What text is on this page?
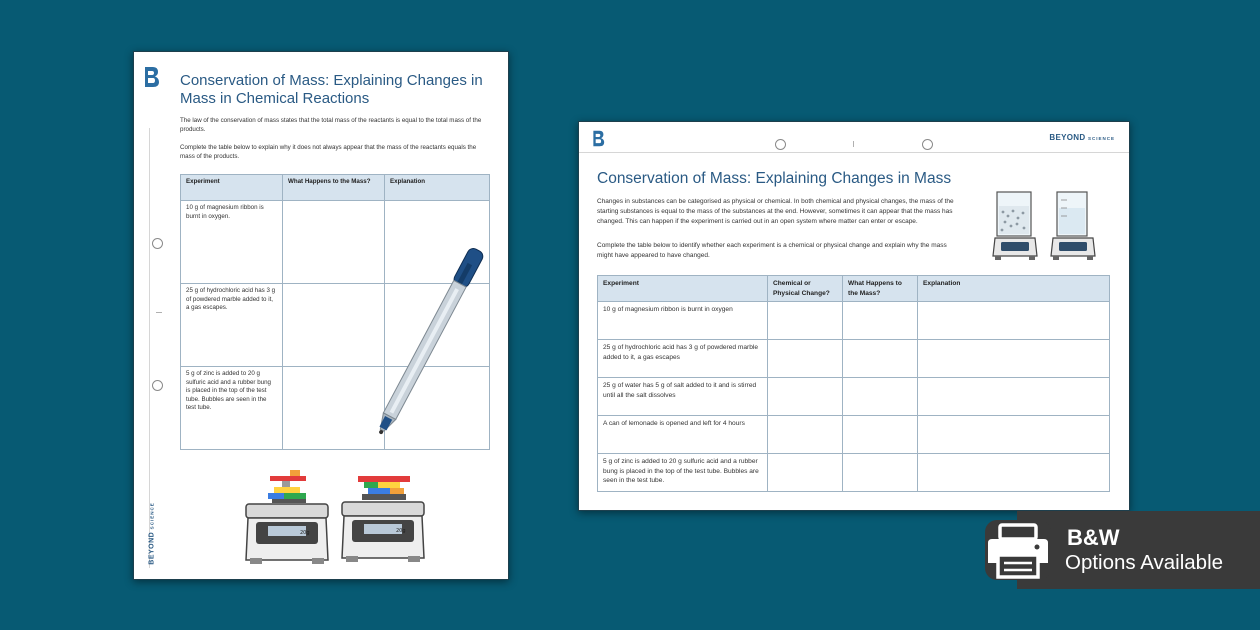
Conservation of Mass: Explaining Changes in Mass in Chemical Reactions
The law of the conservation of mass states that the total mass of the reactants is equal to the total mass of the products.
Complete the table below to explain why it does not always appear that the mass of the reactants equals the mass of the products.
BEYOND SCIENCE
Experiment	What Happens to the Mass?	Explanation
10 g of magnesium ribbon is burnt in oxygen.		
25 g of hydrochloric acid has 3 g of powdered marble added to it, a gas escapes.		
5 g of zinc is added to 20 g sulfuric acid and a rubber bung is placed in the top of the test tube. Bubbles are seen in the test tube.		
20g	20g
BEYOND SCIENCE
Conservation of Mass: Explaining Changes in Mass
Changes in substances can be categorised as physical or chemical. In both chemical and physical changes, the mass of the starting substances is equal to the mass of the substances at the end. However, sometimes it can appear that the mass has changed. This can happen if the experiment is carried out in an open system where matter can enter or escape.
Complete the table below to identify whether each experiment is a chemical or physical change and explain why the mass might have appeared to have changed.
Experiment	Chemical or Physical Change?	What Happens to the Mass?	Explanation
10 g of magnesium ribbon is burnt in oxygen			
25 g of hydrochloric acid has 3 g of powdered marble added to it, a gas escapes			
25 g of water has 5 g of salt added to it and is stirred until all the salt dissolves			
A can of lemonade is opened and left for 4 hours			
5 g of zinc is added to 20 g sulfuric acid and a rubber bung is placed in the top of the test tube. Bubbles are seen in the test tube.			
B&W
Options Available
